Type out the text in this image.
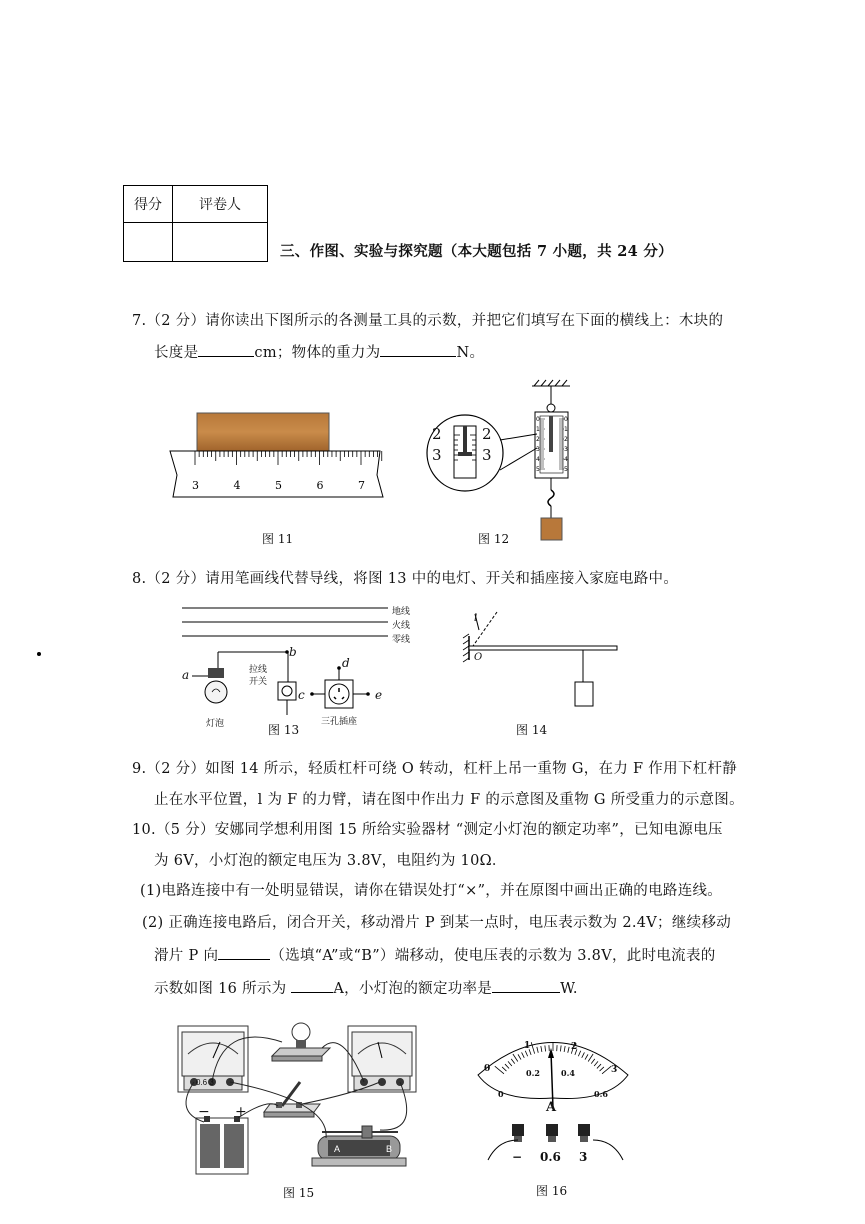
得分	评卷人

三、作图、实验与探究题（本大题包括 7 小题，共 24 分）
7.（2 分）请你读出下图所示的各测量工具的示数，并把它们填写在下面的横线上：木块的
长度是	cm；物体的重力为	N。
3	4	5	6	7
图 11
0	0
1	1
2	2
3	3
4	4
5	5
2
3
2
3
图 12
8.（2 分）请用笔画线代替导线，将图 13 中的电灯、开关和插座接入家庭电路中。
地线
火线
零线
a
b
c
d
e
拉线
开关
灯泡	三孔插座
图 13
l
O
图 14
9.（2 分）如图 14 所示，轻质杠杆可绕 O 转动，杠杆上吊一重物 G，在力 F 作用下杠杆静
止在水平位置，l 为 F 的力臂，请在图中作出力 F 的示意图及重物 G 所受重力的示意图。
10.（5 分）安娜同学想利用图 15 所给实验器材 “测定小灯泡的额定功率”，已知电源电压
为 6V，小灯泡的额定电压为 3.8V，电阻约为 10Ω．
(1)电路连接中有一处明显错误，请你在错误处打“×”，并在原图中画出正确的电路连线。
(2) 正确连接电路后，闭合开关，移动滑片 P 到某一点时，电压表示数为 2.4V；继续移动
滑片 P 向	（选填“A”或“B”）端移动，使电压表的示数为 3.8V，此时电流表的
示数如图 16 所示为	A，小灯泡的额定功率是	W.
0.6 3
− +
A	B
图 15
0
1	2
3
0
0.2	0.4
0.6
A
− 0.6 3
图 16
